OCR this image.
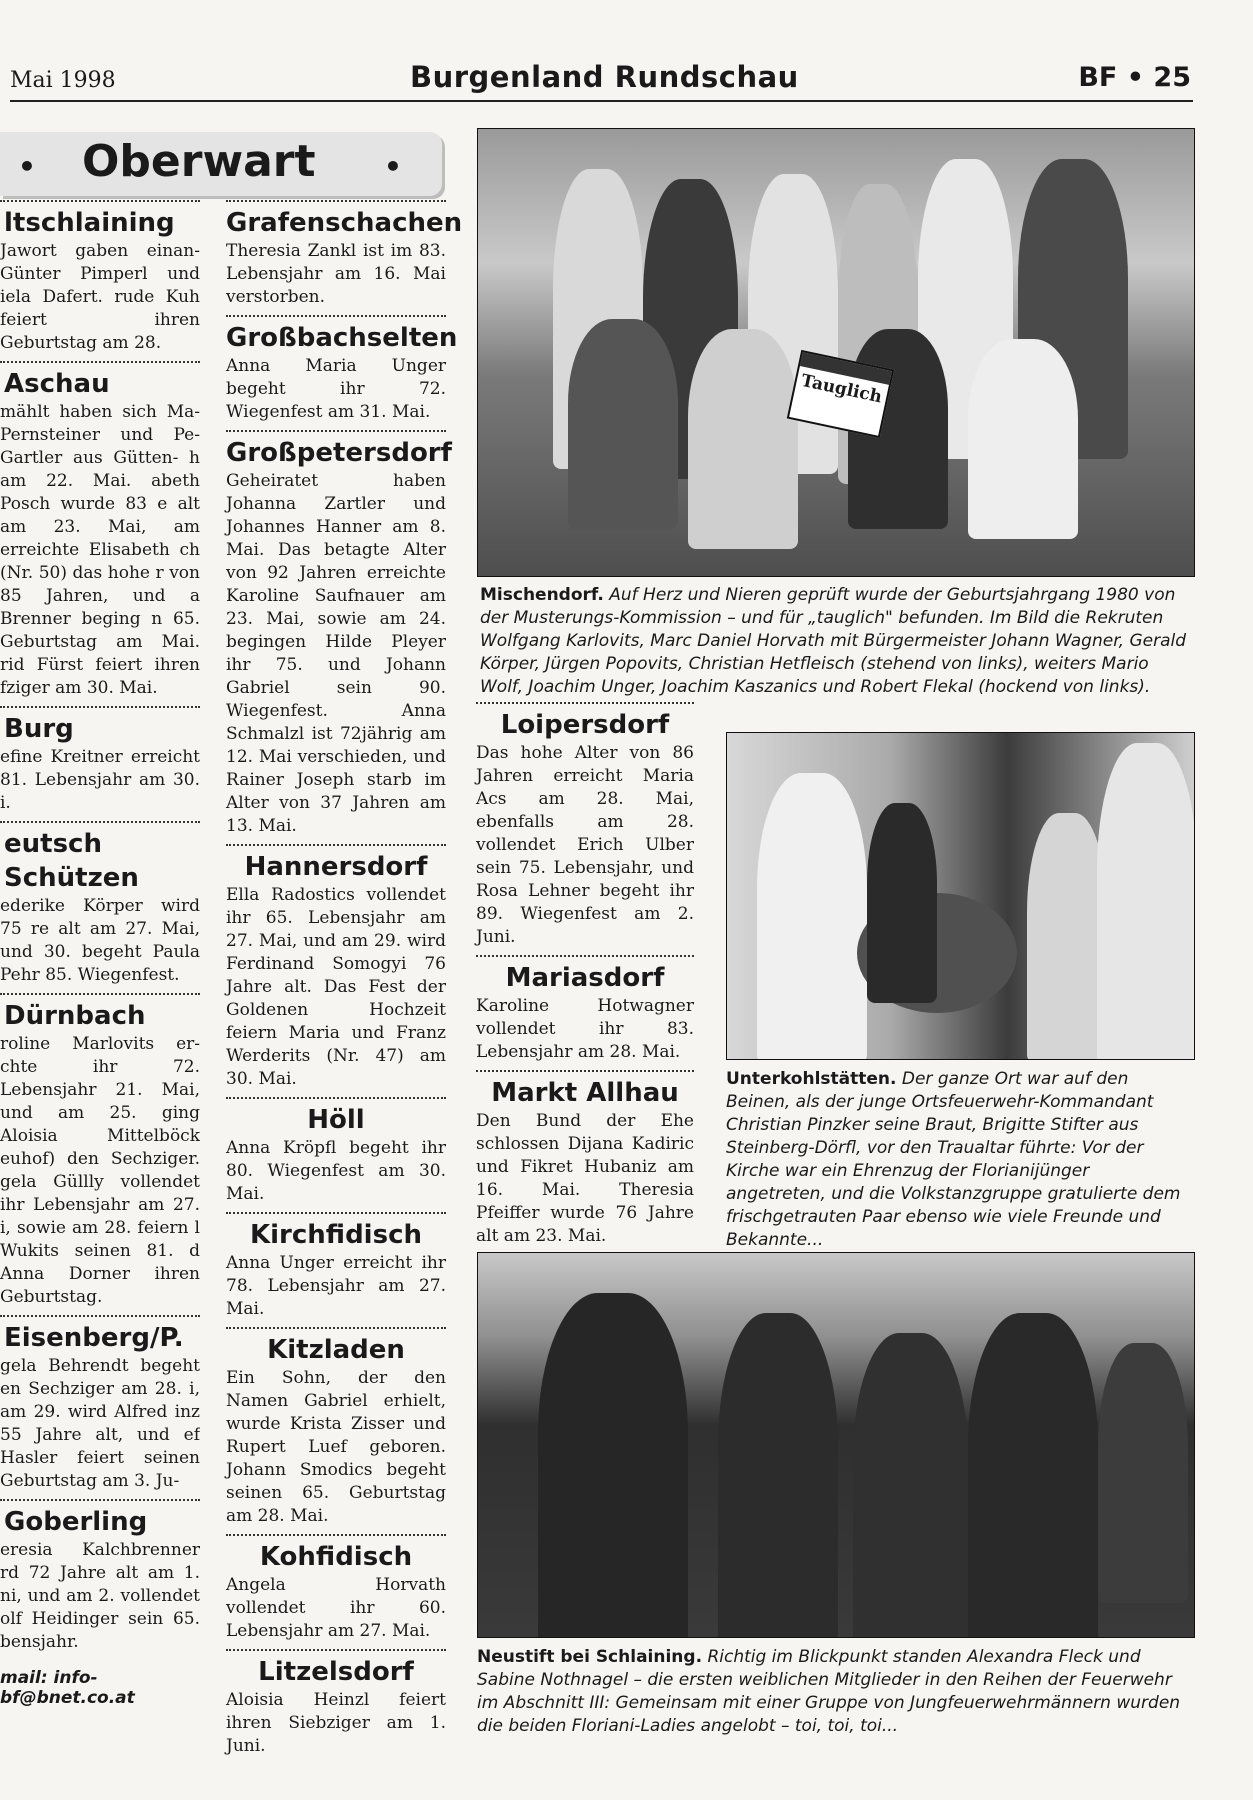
Mai 1998	Burgenland Rundschau	BF • 25
• Oberwart •
ltschlaining

Jawort gaben einan- Günter Pimperl und iela Dafert. rude Kuh feiert ihren Geburtstag am 28.

Aschau

mählt haben sich Ma- Pernsteiner und Pe- Gartler aus Gütten- h am 22. Mai. abeth Posch wurde 83 e alt am 23. Mai, am erreichte Elisabeth ch (Nr. 50) das hohe r von 85 Jahren, und a Brenner beging n 65. Geburtstag am Mai. rid Fürst feiert ihren fziger am 30. Mai.

Burg

efine Kreitner erreicht 81. Lebensjahr am 30. i.

eutsch Schützen

ederike Körper wird 75 re alt am 27. Mai, und 30. begeht Paula Pehr 85. Wiegenfest.

Dürnbach

roline Marlovits er- chte ihr 72. Lebensjahr 21. Mai, und am 25. ging Aloisia Mittelböck euhof) den Sechziger. gela Güllly vollendet ihr Lebensjahr am 27. i, sowie am 28. feiern l Wukits seinen 81. d Anna Dorner ihren Geburtstag.

Eisenberg/P.

gela Behrendt begeht en Sechziger am 28. i, am 29. wird Alfred inz 55 Jahre alt, und ef Hasler feiert seinen Geburtstag am 3. Ju-

Goberling

eresia Kalchbrenner rd 72 Jahre alt am 1. ni, und am 2. vollendet olf Heidinger sein 65. bensjahr.

mail: info-bf@bnet.co.at
Grafenschachen

Theresia Zankl ist im 83. Lebensjahr am 16. Mai verstorben.

Großbachselten

Anna Maria Unger begeht ihr 72. Wiegenfest am 31. Mai.

Großpetersdorf

Geheiratet haben Johanna Zartler und Johannes Hanner am 8. Mai. Das betagte Alter von 92 Jahren erreichte Karoline Saufnauer am 23. Mai, sowie am 24. begingen Hilde Pleyer ihr 75. und Johann Gabriel sein 90. Wiegenfest. Anna Schmalzl ist 72jährig am 12. Mai verschieden, und Rainer Joseph starb im Alter von 37 Jahren am 13. Mai.

Hannersdorf

Ella Radostics vollendet ihr 65. Lebensjahr am 27. Mai, und am 29. wird Ferdinand Somogyi 76 Jahre alt. Das Fest der Goldenen Hochzeit feiern Maria und Franz Werderits (Nr. 47) am 30. Mai.

Höll

Anna Kröpfl begeht ihr 80. Wiegenfest am 30. Mai.

Kirchfidisch

Anna Unger erreicht ihr 78. Lebensjahr am 27. Mai.

Kitzladen

Ein Sohn, der den Namen Gabriel erhielt, wurde Krista Zisser und Rupert Luef geboren. Johann Smodics begeht seinen 65. Geburtstag am 28. Mai.

Kohfidisch

Angela Horvath vollendet ihr 60. Lebensjahr am 27. Mai.

Litzelsdorf

Aloisia Heinzl feiert ihren Siebziger am 1. Juni.

Tauglich
Mischendorf. Auf Herz und Nieren geprüft wurde der Geburtsjahrgang 1980 von der Musterungs-Kommission – und für „tauglich" befunden. Im Bild die Rekruten Wolfgang Karlovits, Marc Daniel Horvath mit Bürgermeister Johann Wagner, Gerald Körper, Jürgen Popovits, Christian Hetfleisch (stehend von links), weiters Mario Wolf, Joachim Unger, Joachim Kaszanics und Robert Flekal (hockend von links).
Loipersdorf

Das hohe Alter von 86 Jahren erreicht Maria Acs am 28. Mai, ebenfalls am 28. vollendet Erich Ulber sein 75. Lebensjahr, und Rosa Lehner begeht ihr 89. Wiegenfest am 2. Juni.

Mariasdorf

Karoline Hotwagner vollendet ihr 83. Lebensjahr am 28. Mai.

Markt Allhau

Den Bund der Ehe schlossen Dijana Kadiric und Fikret Hubaniz am 16. Mai. Theresia Pfeiffer wurde 76 Jahre alt am 23. Mai.

Unterkohlstätten. Der ganze Ort war auf den Beinen, als der junge Ortsfeuerwehr-Kommandant Christian Pinzker seine Braut, Brigitte Stifter aus Steinberg-Dörfl, vor den Traualtar führte: Vor der Kirche war ein Ehrenzug der Florianijünger angetreten, und die Volkstanzgruppe gratulierte dem frischgetrauten Paar ebenso wie viele Freunde und Bekannte...
Neustift bei Schlaining. Richtig im Blickpunkt standen Alexandra Fleck und Sabine Nothnagel – die ersten weiblichen Mitglieder in den Reihen der Feuerwehr im Abschnitt III: Gemeinsam mit einer Gruppe von Jungfeuerwehrmännern wurden die beiden Floriani-Ladies angelobt – toi, toi, toi...
